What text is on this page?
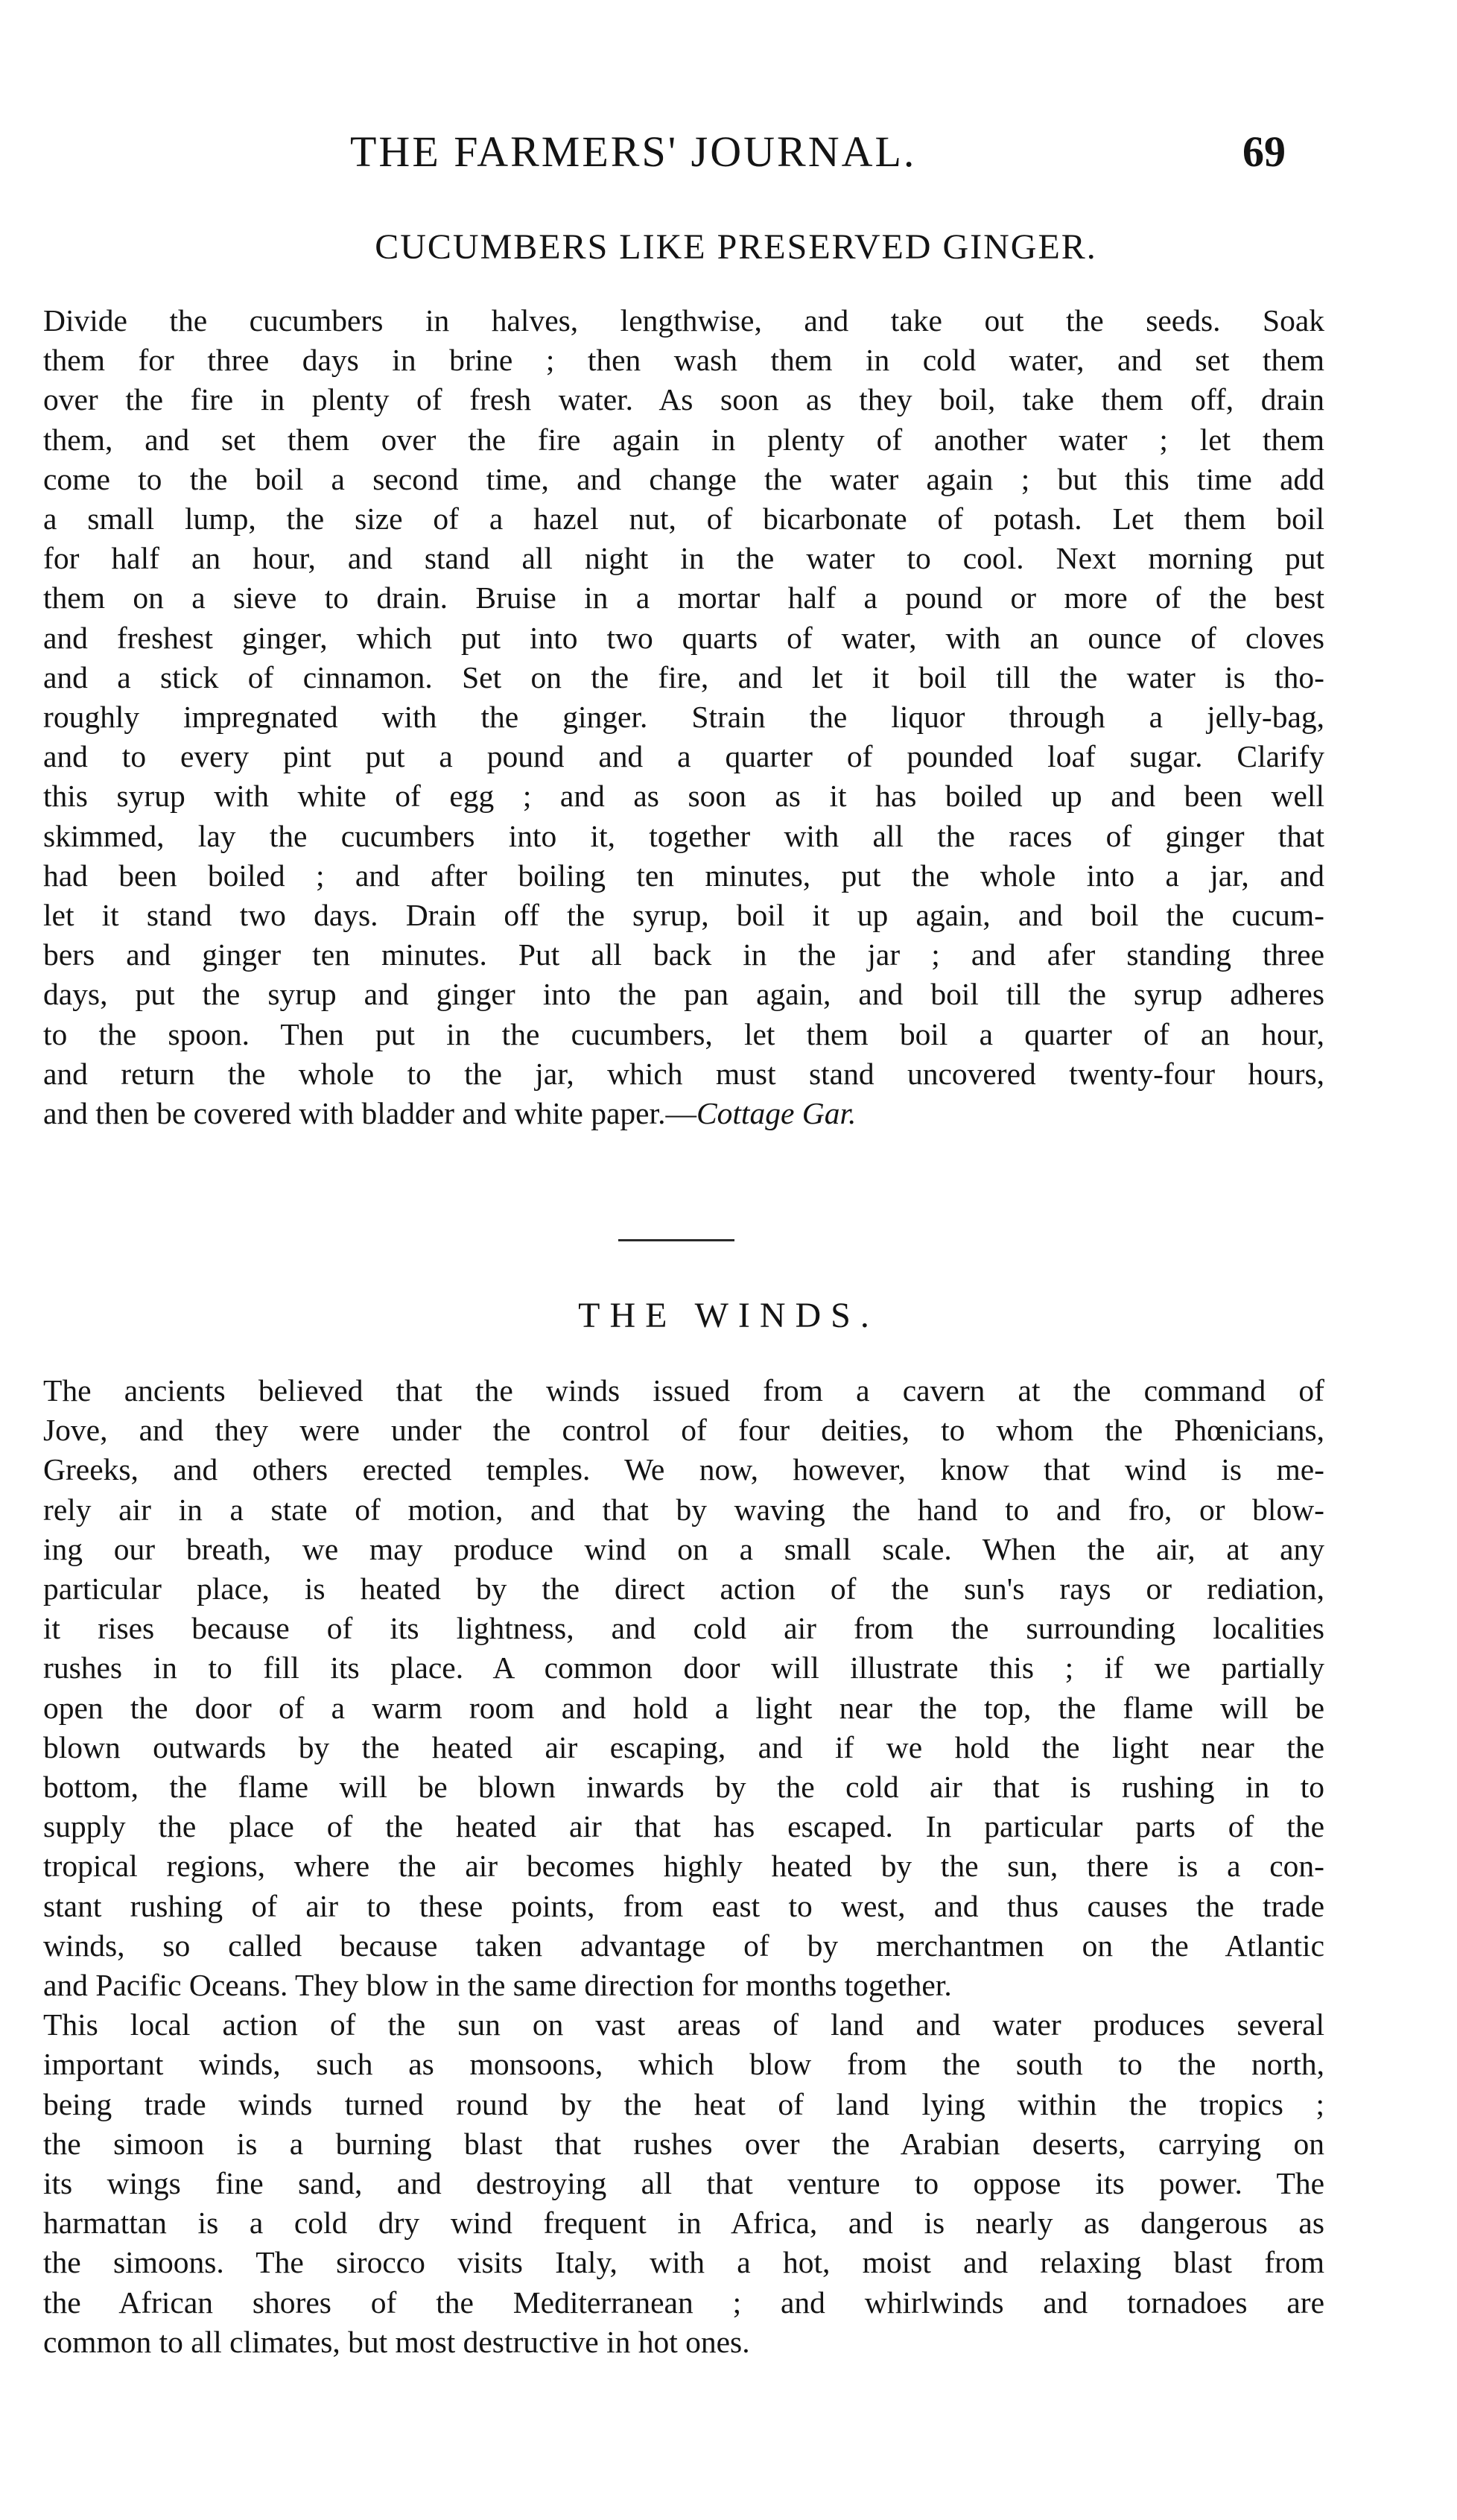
THE FARMERS' JOURNAL.	69
CUCUMBERS LIKE PRESERVED GINGER.
Divide the cucumbers in halves, lengthwise, and take out the seeds. Soak
them for three days in brine ; then wash them in cold water, and set them
over the fire in plenty of fresh water. As soon as they boil, take them off, drain
them, and set them over the fire again in plenty of another water ; let them
come to the boil a second time, and change the water again ; but this time add
a small lump, the size of a hazel nut, of bicarbonate of potash. Let them boil
for half an hour, and stand all night in the water to cool. Next morning put
them on a sieve to drain. Bruise in a mortar half a pound or more of the best
and freshest ginger, which put into two quarts of water, with an ounce of cloves
and a stick of cinnamon. Set on the fire, and let it boil till the water is tho-
roughly impregnated with the ginger. Strain the liquor through a jelly-bag,
and to every pint put a pound and a quarter of pounded loaf sugar. Clarify
this syrup with white of egg ; and as soon as it has boiled up and been well
skimmed, lay the cucumbers into it, together with all the races of ginger that
had been boiled ; and after boiling ten minutes, put the whole into a jar, and
let it stand two days. Drain off the syrup, boil it up again, and boil the cucum-
bers and ginger ten minutes. Put all back in the jar ; and afer standing three
days, put the syrup and ginger into the pan again, and boil till the syrup adheres
to the spoon. Then put in the cucumbers, let them boil a quarter of an hour,
and return the whole to the jar, which must stand uncovered twenty-four hours,
and then be covered with bladder and white paper.—Cottage Gar.
THE WINDS.
The ancients believed that the winds issued from a cavern at the command of
Jove, and they were under the control of four deities, to whom the Phœnicians,
Greeks, and others erected temples. We now, however, know that wind is me-
rely air in a state of motion, and that by waving the hand to and fro, or blow-
ing our breath, we may produce wind on a small scale. When the air, at any
particular place, is heated by the direct action of the sun's rays or rediation,
it rises because of its lightness, and cold air from the surrounding localities
rushes in to fill its place. A common door will illustrate this ; if we partially
open the door of a warm room and hold a light near the top, the flame will be
blown outwards by the heated air escaping, and if we hold the light near the
bottom, the flame will be blown inwards by the cold air that is rushing in to
supply the place of the heated air that has escaped. In particular parts of the
tropical regions, where the air becomes highly heated by the sun, there is a con-
stant rushing of air to these points, from east to west, and thus causes the trade
winds, so called because taken advantage of by merchantmen on the Atlantic
and Pacific Oceans. They blow in the same direction for months together.
This local action of the sun on vast areas of land and water produces several
important winds, such as monsoons, which blow from the south to the north,
being trade winds turned round by the heat of land lying within the tropics ;
the simoon is a burning blast that rushes over the Arabian deserts, carrying on
its wings fine sand, and destroying all that venture to oppose its power. The
harmattan is a cold dry wind frequent in Africa, and is nearly as dangerous as
the simoons. The sirocco visits Italy, with a hot, moist and relaxing blast from
the African shores of the Mediterranean ; and whirlwinds and tornadoes are
common to all climates, but most destructive in hot ones.
